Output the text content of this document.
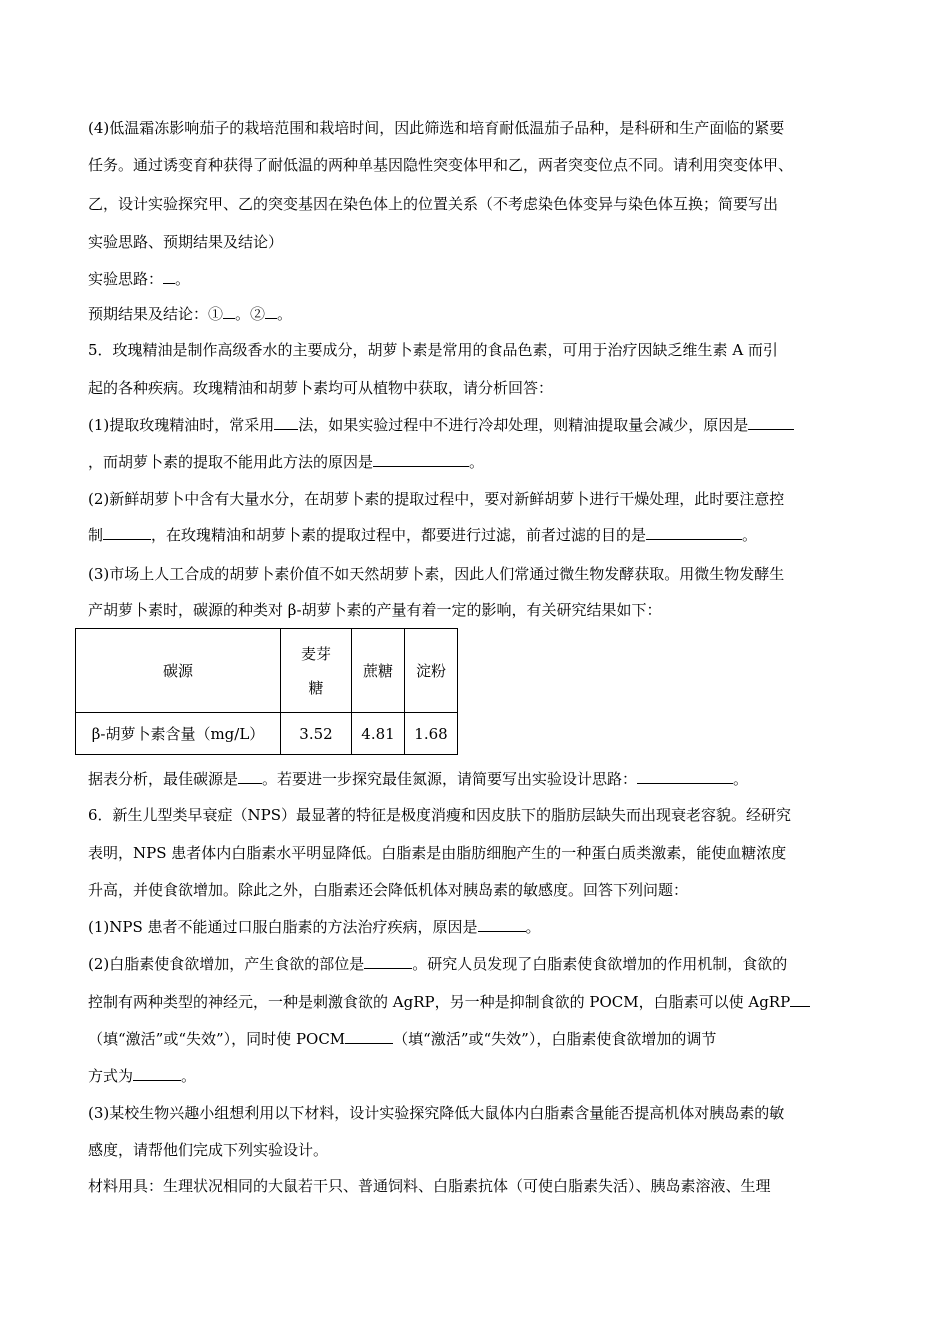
(4)低温霜冻影响茄子的栽培范围和栽培时间，因此筛选和培育耐低温茄子品种，是科研和生产面临的紧要
任务。通过诱变育种获得了耐低温的两种单基因隐性突变体甲和乙，两者突变位点不同。请利用突变体甲、
乙，设计实验探究甲、乙的突变基因在染色体上的位置关系（不考虑染色体变异与染色体互换；简要写出
实验思路、预期结果及结论）
实验思路： 。
预期结果及结论：① 。② 。
5．玫瑰精油是制作高级香水的主要成分，胡萝卜素是常用的食品色素，可用于治疗因缺乏维生素 A 而引
起的各种疾病。玫瑰精油和胡萝卜素均可从植物中获取，请分析回答：
(1)提取玫瑰精油时，常采用 法，如果实验过程中不进行冷却处理，则精油提取量会减少，原因是
，而胡萝卜素的提取不能用此方法的原因是	。
(2)新鲜胡萝卜中含有大量水分，在胡萝卜素的提取过程中，要对新鲜胡萝卜进行干燥处理，此时要注意控
制	，在玫瑰精油和胡萝卜素的提取过程中，都要进行过滤，前者过滤的目的是	。
(3)市场上人工合成的胡萝卜素价值不如天然胡萝卜素，因此人们常通过微生物发酵获取。用微生物发酵生
产胡萝卜素时，碳源的种类对 β-胡萝卜素的产量有着一定的影响，有关研究结果如下：
碳源	麦芽
糖	蔗糖	淀粉
β-胡萝卜素含量（mg/L）	3.52	4.81	1.68
据表分析，最佳碳源是 。若要进一步探究最佳氮源，请简要写出实验设计思路：	。
6．新生儿型类早衰症（NPS）最显著的特征是极度消瘦和因皮肤下的脂肪层缺失而出现衰老容貌。经研究
表明，NPS 患者体内白脂素水平明显降低。白脂素是由脂肪细胞产生的一种蛋白质类激素，能使血糖浓度
升高，并使食欲增加。除此之外，白脂素还会降低机体对胰岛素的敏感度。回答下列问题：
(1)NPS 患者不能通过口服白脂素的方法治疗疾病，原因是	。
(2)白脂素使食欲增加，产生食欲的部位是	。研究人员发现了白脂素使食欲增加的作用机制，食欲的
控制有两种类型的神经元，一种是刺激食欲的 AgRP，另一种是抑制食欲的 POCM，白脂素可以使 AgRP
（填“激活”或“失效”），同时使 POCM	（填“激活”或“失效”），白脂素使食欲增加的调节
方式为	。
(3)某校生物兴趣小组想利用以下材料，设计实验探究降低大鼠体内白脂素含量能否提高机体对胰岛素的敏
感度，请帮他们完成下列实验设计。
材料用具：生理状况相同的大鼠若干只、普通饲料、白脂素抗体（可使白脂素失活）、胰岛素溶液、生理
